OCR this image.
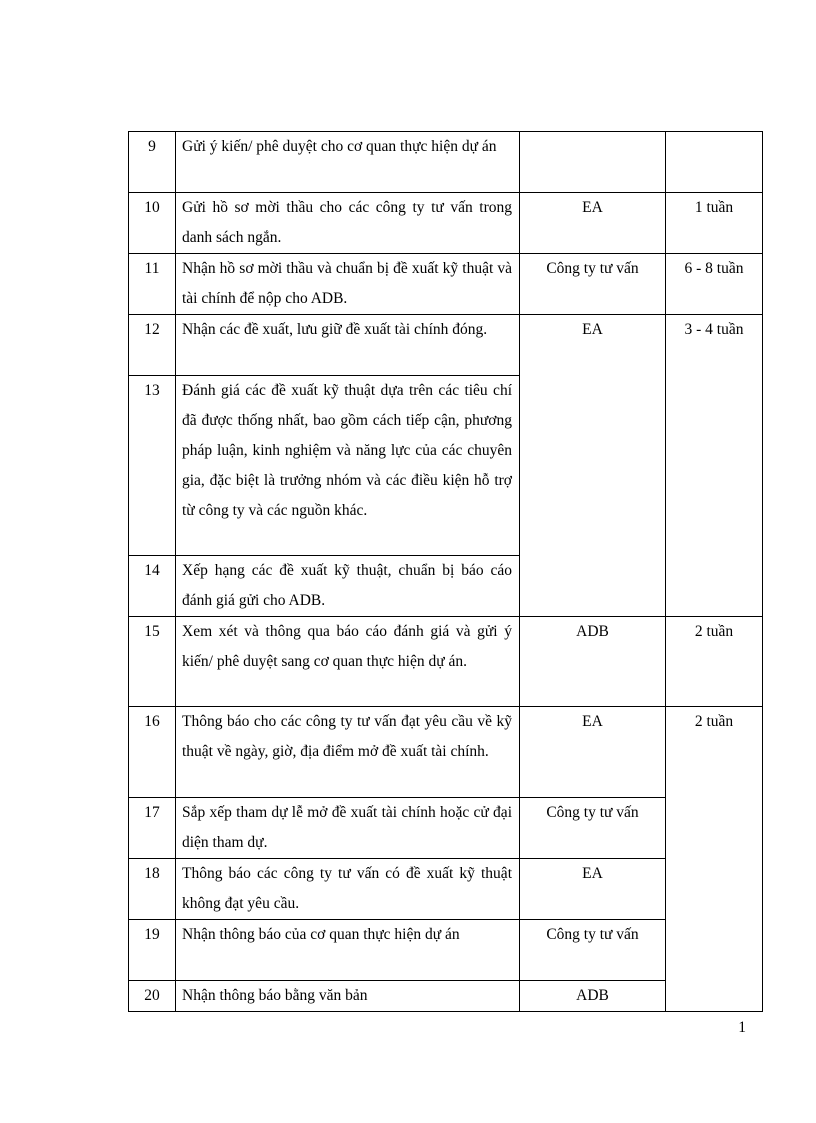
9	Gửi ý kiến/ phê duyệt cho cơ quan thực hiện dự án		
10	Gửi hồ sơ mời thầu cho các công ty tư vấn trong danh sách ngắn.	EA	1 tuần
11	Nhận hồ sơ mời thầu và chuẩn bị đề xuất kỹ thuật và tài chính để nộp cho ADB.	Công ty tư vấn	6 - 8 tuần
12	Nhận các đề xuất, lưu giữ đề xuất tài chính đóng.	EA	3 - 4 tuần
13	Đánh giá các đề xuất kỹ thuật dựa trên các tiêu chí đã được thống nhất, bao gồm cách tiếp cận, phương pháp luận, kinh nghiệm và năng lực của các chuyên gia, đặc biệt là trưởng nhóm và các điều kiện hỗ trợ từ công ty và các nguồn khác.		
14	Xếp hạng các đề xuất kỹ thuật, chuẩn bị báo cáo đánh giá gửi cho ADB.		
15	Xem xét và thông qua báo cáo đánh giá và gửi ý kiến/ phê duyệt sang cơ quan thực hiện dự án.	ADB	2 tuần
16	Thông báo cho các công ty tư vấn đạt yêu cầu về kỹ thuật về ngày, giờ, địa điểm mở đề xuất tài chính.	EA	2 tuần
17	Sắp xếp tham dự lễ mở đề xuất tài chính hoặc cử đại diện tham dự.	Công ty tư vấn	
18	Thông báo các công ty tư vấn có đề xuất kỹ thuật không đạt yêu cầu.	EA	
19	Nhận thông báo của cơ quan thực hiện dự án	Công ty tư vấn	
20	Nhận thông báo bằng văn bản	ADB	
1
